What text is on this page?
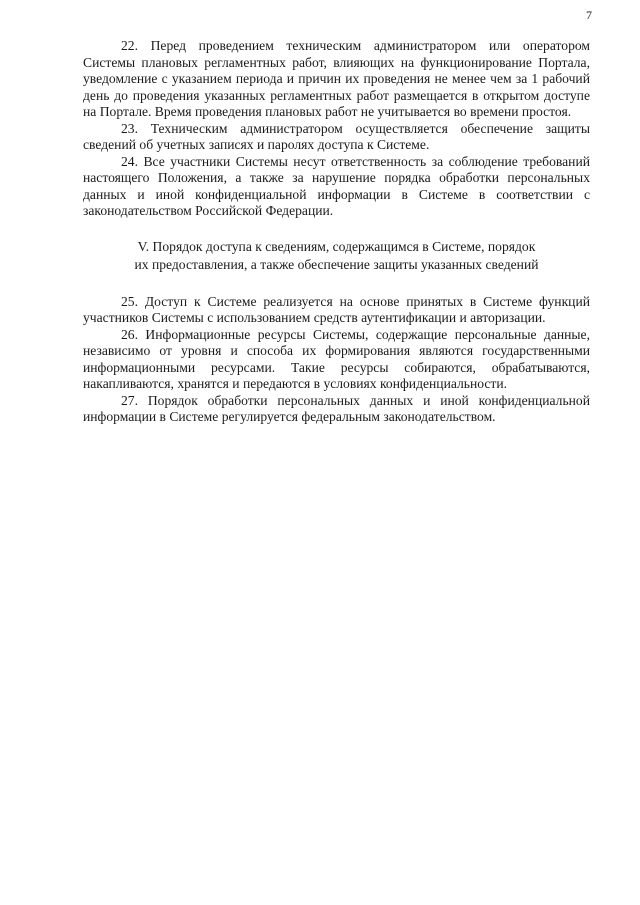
7

22. Перед проведением техническим администратором или оператором Системы плановых регламентных работ, влияющих на функционирование Портала, уведомление с указанием периода и причин их проведения не менее чем за 1 рабочий день до проведения указанных регламентных работ размещается в открытом доступе на Портале. Время проведения плановых работ не учитывается во времени простоя.

23. Техническим администратором осуществляется обеспечение защиты сведений об учетных записях и паролях доступа к Системе.

24. Все участники Системы несут ответственность за соблюдение требований настоящего Положения, а также за нарушение порядка обработки персональных данных и иной конфиденциальной информации в Системе в соответствии с законодательством Российской Федерации.

V. Порядок доступа к сведениям, содержащимся в Системе, порядок
их предоставления, а также обеспечение защиты указанных сведений

25. Доступ к Системе реализуется на основе принятых в Системе функций участников Системы с использованием средств аутентификации и авторизации.

26. Информационные ресурсы Системы, содержащие персональные данные, независимо от уровня и способа их формирования являются государственными информационными ресурсами. Такие ресурсы собираются, обрабатываются, накапливаются, хранятся и передаются в условиях конфиденциальности.

27. Порядок обработки персональных данных и иной конфиденциальной информации в Системе регулируется федеральным законодательством.
